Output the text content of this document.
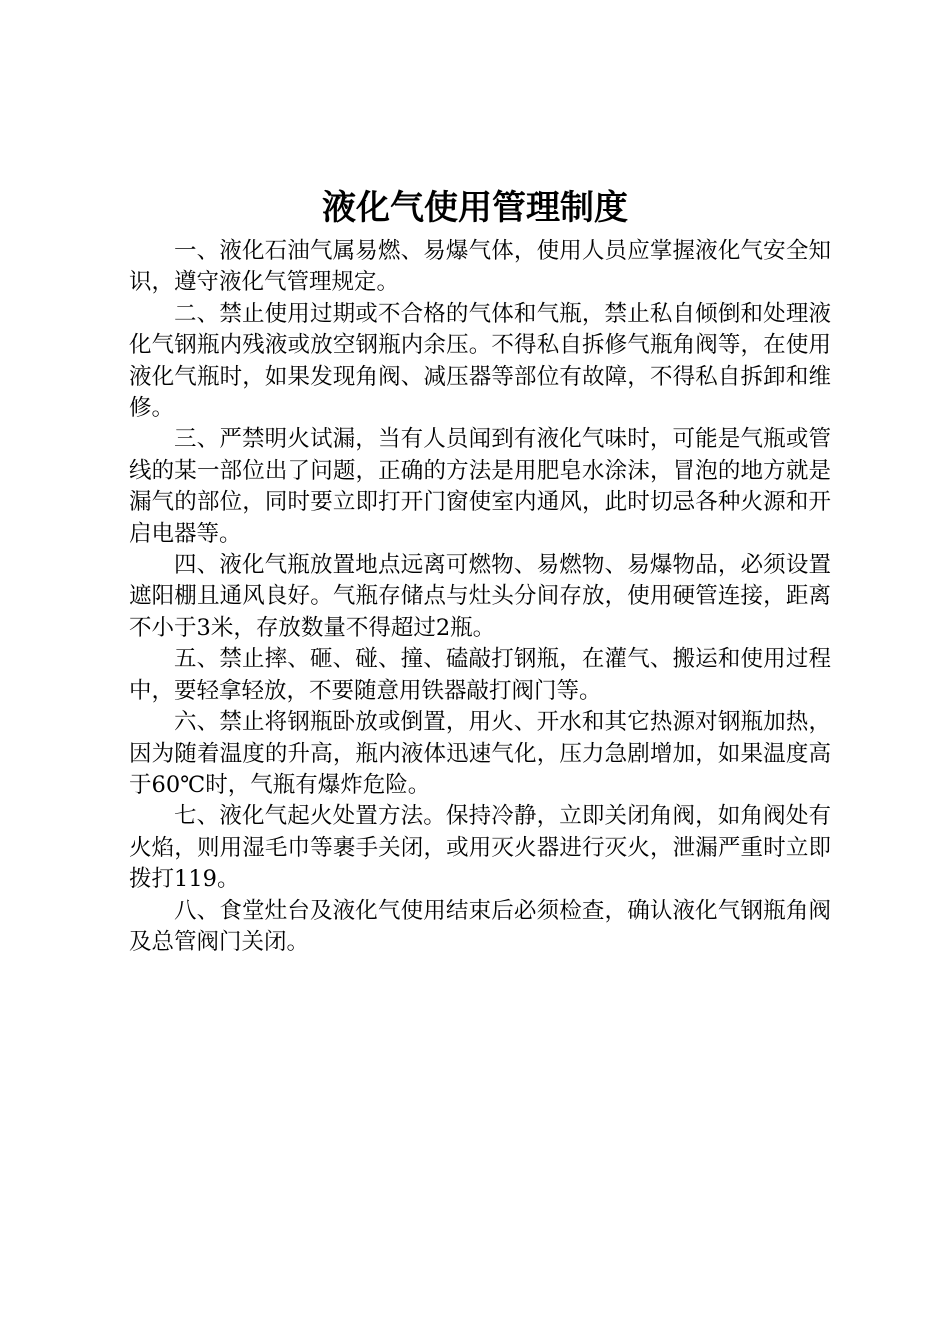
液化气使用管理制度

一、液化石油气属易燃、易爆气体，使用人员应掌握液化气安全知识，遵守液化气管理规定。

二、禁止使用过期或不合格的气体和气瓶，禁止私自倾倒和处理液化气钢瓶内残液或放空钢瓶内余压。不得私自拆修气瓶角阀等，在使用液化气瓶时，如果发现角阀、减压器等部位有故障，不得私自拆卸和维修。

三、严禁明火试漏，当有人员闻到有液化气味时，可能是气瓶或管线的某一部位出了问题，正确的方法是用肥皂水涂沫，冒泡的地方就是漏气的部位，同时要立即打开门窗使室内通风，此时切忌各种火源和开启电器等。

四、液化气瓶放置地点远离可燃物、易燃物、易爆物品，必须设置遮阳棚且通风良好。气瓶存储点与灶头分间存放，使用硬管连接，距离不小于3米，存放数量不得超过2瓶。

五、禁止摔、砸、碰、撞、磕敲打钢瓶，在灌气、搬运和使用过程中，要轻拿轻放，不要随意用铁器敲打阀门等。

六、禁止将钢瓶卧放或倒置，用火、开水和其它热源对钢瓶加热，因为随着温度的升高，瓶内液体迅速气化，压力急剧增加，如果温度高于60℃时，气瓶有爆炸危险。

七、液化气起火处置方法。保持冷静，立即关闭角阀，如角阀处有火焰，则用湿毛巾等裹手关闭，或用灭火器进行灭火，泄漏严重时立即拨打119。

八、食堂灶台及液化气使用结束后必须检查，确认液化气钢瓶角阀及总管阀门关闭。
